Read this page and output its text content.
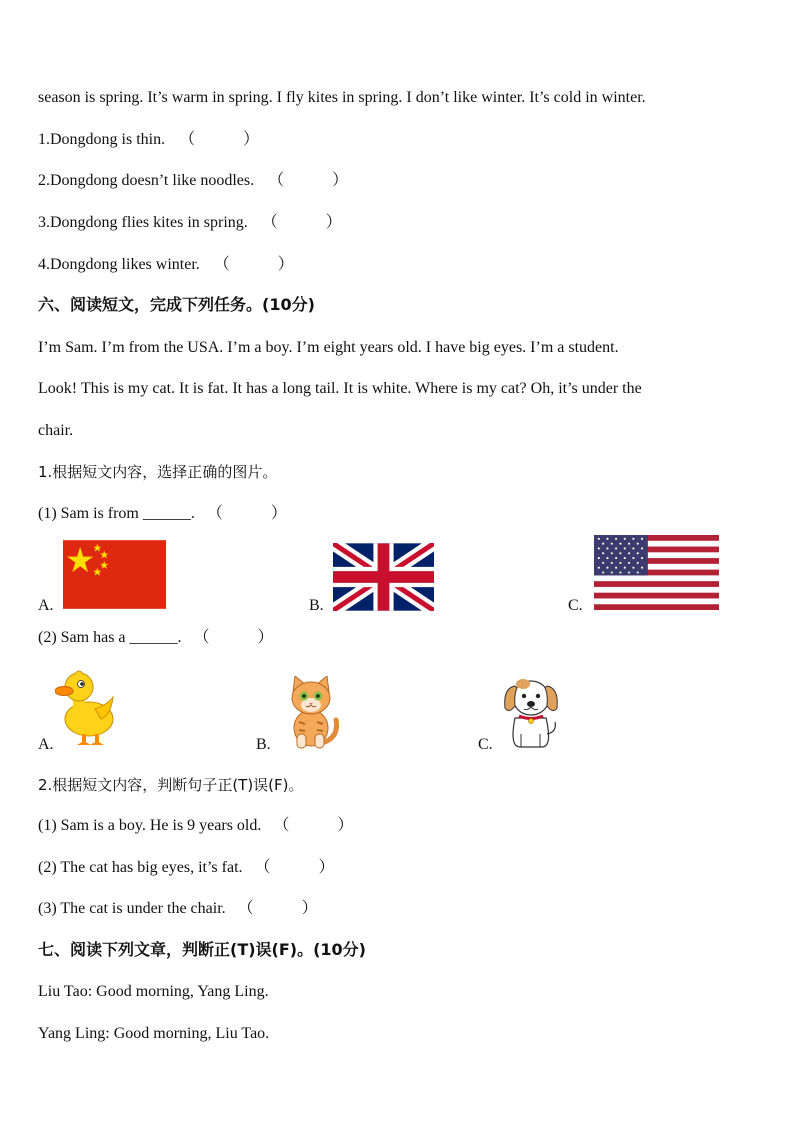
season is spring. It’s warm in spring. I fly kites in spring. I don’t like winter. It’s cold in winter.
1.Dongdong is thin. （　　　）
2.Dongdong doesn’t like noodles. （　　　）
3.Dongdong flies kites in spring. （　　　）
4.Dongdong likes winter. （　　　）
六、阅读短文，完成下列任务。(10分)
I’m Sam. I’m from the USA. I’m a boy. I’m eight years old. I have big eyes. I’m a student.
Look! This is my cat. It is fat. It has a long tail. It is white. Where is my cat? Oh, it’s under the
chair.
1.根据短文内容，选择正确的图片。
(1) Sam is from ______. （　　　）
A.	B.	C.
(2) Sam has a ______. （　　　）
A.	B.	C.
2.根据短文内容，判断句子正(T)误(F)。
(1) Sam is a boy. He is 9 years old. （　　　）
(2) The cat has big eyes, it’s fat. （　　　）
(3) The cat is under the chair. （　　　）
七、阅读下列文章，判断正(T)误(F)。(10分)
Liu Tao: Good morning, Yang Ling.
Yang Ling: Good morning, Liu Tao.
